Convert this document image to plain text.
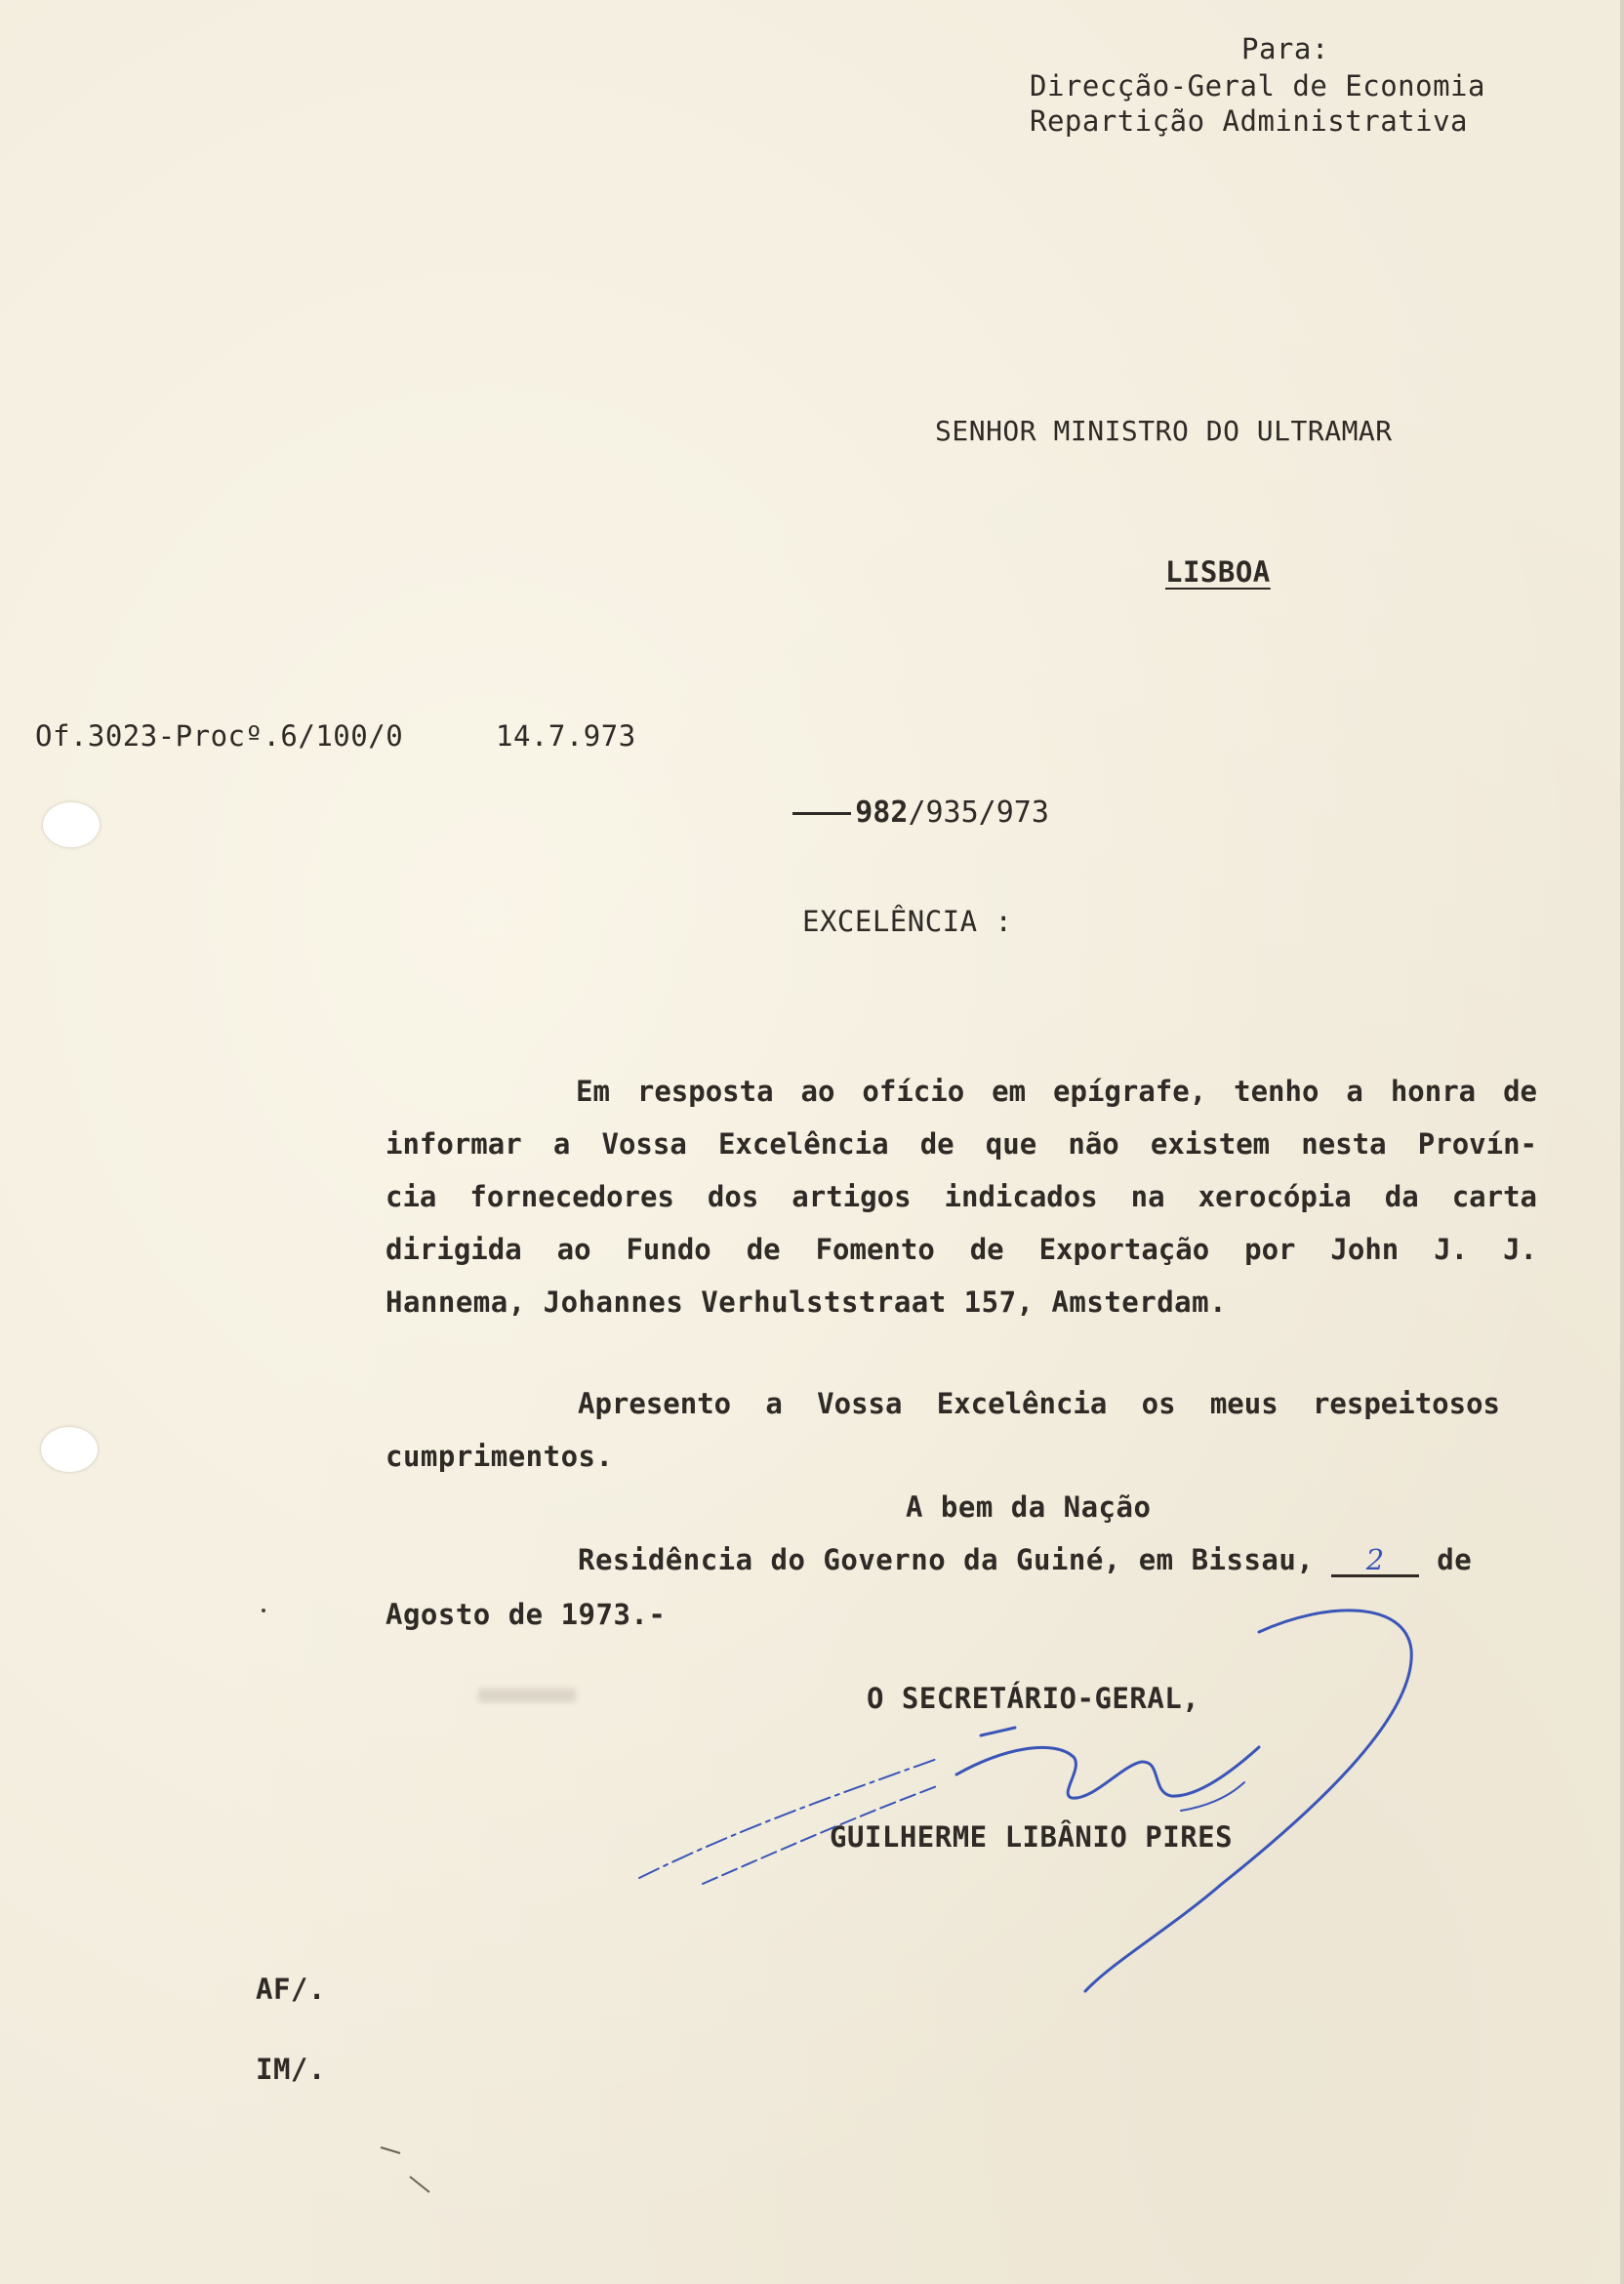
Para:
Direcção-Geral de Economia
Repartição Administrativa
SENHOR MINISTRO DO ULTRAMAR
LISBOA
Of.3023-Procº.6/100/0	14.7.973

982/935/973

EXCELÊNCIA :
Em resposta ao ofício em epígrafe, tenho a honra de
informar a Vossa Excelência de que não existem nesta Provín-
cia fornecedores dos artigos indicados na xerocópia da carta
dirigida ao Fundo de Fomento de Exportação por John J. J.
Hannema, Johannes Verhulststraat 157, Amsterdam.
Apresento a Vossa Excelência os meus respeitosos
cumprimentos.
A bem da Nação
Residência do Governo da Guiné, em Bissau, 2 de
Agosto de 1973.-
O SECRETÁRIO-GERAL,
GUILHERME LIBÂNIO PIRES
AF/.
IM/.
